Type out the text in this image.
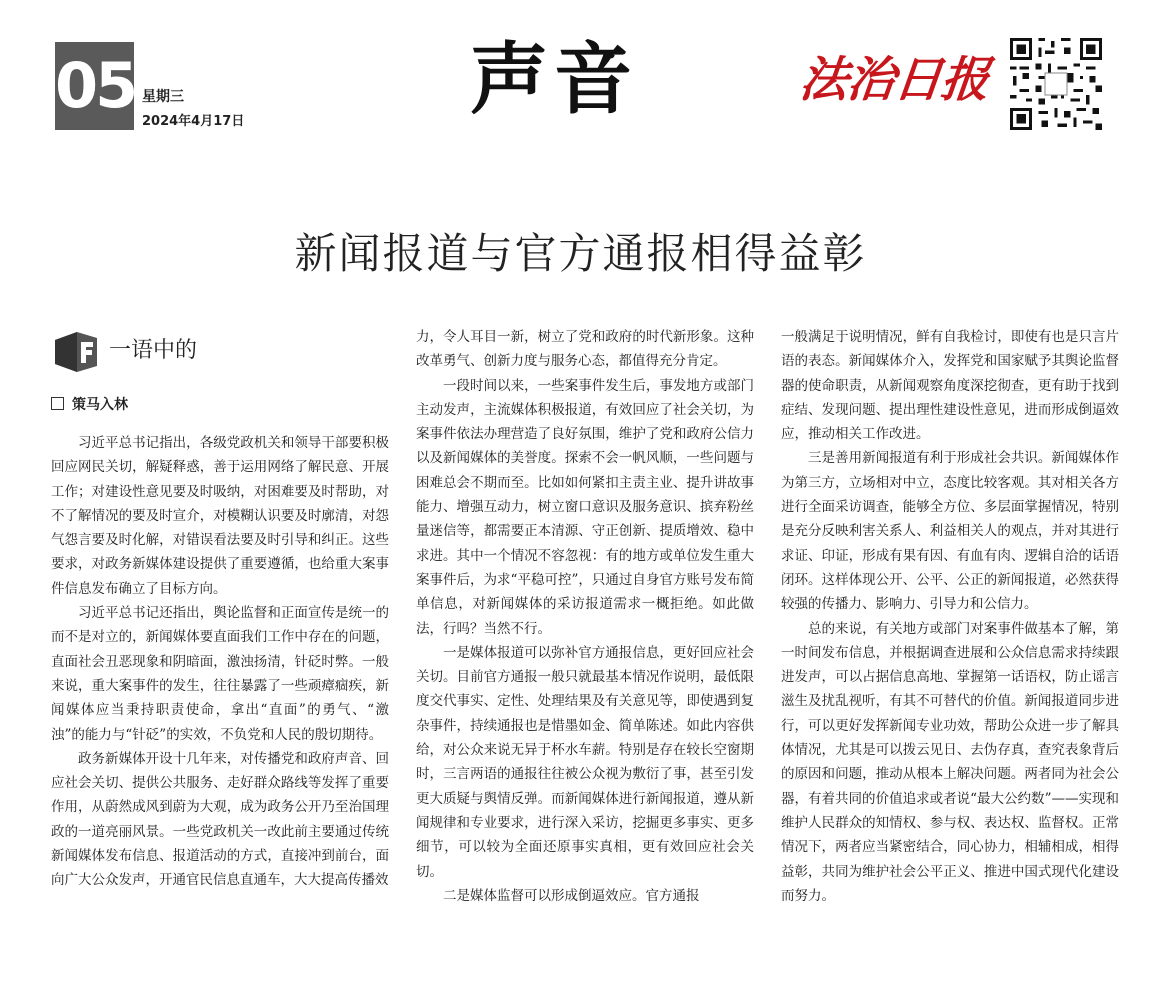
05 星期三
2024年4月17日	声音	法治日报
新闻报道与官方通报相得益彰
一语中的
策马入林

习近平总书记指出，各级党政机关和领导干部要积极回应网民关切，解疑释惑，善于运用网络了解民意、开展工作；对建设性意见要及时吸纳，对困难要及时帮助，对不了解情况的要及时宣介，对模糊认识要及时廓清，对怨气怨言要及时化解，对错误看法要及时引导和纠正。这些要求，对政务新媒体建设提供了重要遵循，也给重大案事件信息发布确立了目标方向。

习近平总书记还指出，舆论监督和正面宣传是统一的而不是对立的，新闻媒体要直面我们工作中存在的问题，直面社会丑恶现象和阴暗面，激浊扬清，针砭时弊。一般来说，重大案事件的发生，往往暴露了一些顽瘴痼疾，新闻媒体应当秉持职责使命，拿出“直面”的勇气、“激浊”的能力与“针砭”的实效，不负党和人民的殷切期待。

政务新媒体开设十几年来，对传播党和政府声音、回应社会关切、提供公共服务、走好群众路线等发挥了重要作用，从蔚然成风到蔚为大观，成为政务公开乃至治国理政的一道亮丽风景。一些党政机关一改此前主要通过传统新闻媒体发布信息、报道活动的方式，直接冲到前台，面向广大公众发声，开通官民信息直通车，大大提高传播效

力，令人耳目一新，树立了党和政府的时代新形象。这种改革勇气、创新力度与服务心态，都值得充分肯定。

一段时间以来，一些案事件发生后，事发地方或部门主动发声，主流媒体积极报道，有效回应了社会关切，为案事件依法办理营造了良好氛围，维护了党和政府公信力以及新闻媒体的美誉度。探索不会一帆风顺，一些问题与困难总会不期而至。比如如何紧扣主责主业、提升讲故事能力、增强互动力，树立窗口意识及服务意识、摈弃粉丝量迷信等，都需要正本清源、守正创新、提质增效、稳中求进。其中一个情况不容忽视：有的地方或单位发生重大案事件后，为求“平稳可控”，只通过自身官方账号发布简单信息，对新闻媒体的采访报道需求一概拒绝。如此做法，行吗？当然不行。

一是媒体报道可以弥补官方通报信息，更好回应社会关切。目前官方通报一般只就最基本情况作说明，最低限度交代事实、定性、处理结果及有关意见等，即使遇到复杂事件，持续通报也是惜墨如金、简单陈述。如此内容供给，对公众来说无异于杯水车薪。特别是存在较长空窗期时，三言两语的通报往往被公众视为敷衍了事，甚至引发更大质疑与舆情反弹。而新闻媒体进行新闻报道，遵从新闻规律和专业要求，进行深入采访，挖掘更多事实、更多细节，可以较为全面还原事实真相，更有效回应社会关切。

二是媒体监督可以形成倒逼效应。官方通报

一般满足于说明情况，鲜有自我检讨，即使有也是只言片语的表态。新闻媒体介入，发挥党和国家赋予其舆论监督器的使命职责，从新闻观察角度深挖彻查，更有助于找到症结、发现问题、提出理性建设性意见，进而形成倒逼效应，推动相关工作改进。

三是善用新闻报道有利于形成社会共识。新闻媒体作为第三方，立场相对中立，态度比较客观。其对相关各方进行全面采访调查，能够全方位、多层面掌握情况，特别是充分反映利害关系人、利益相关人的观点，并对其进行求证、印证，形成有果有因、有血有肉、逻辑自洽的话语闭环。这样体现公开、公平、公正的新闻报道，必然获得较强的传播力、影响力、引导力和公信力。

总的来说，有关地方或部门对案事件做基本了解，第一时间发布信息，并根据调查进展和公众信息需求持续跟进发声，可以占据信息高地、掌握第一话语权，防止谣言滋生及扰乱视听，有其不可替代的价值。新闻报道同步进行，可以更好发挥新闻专业功效，帮助公众进一步了解具体情况，尤其是可以拨云见日、去伪存真，查究表象背后的原因和问题，推动从根本上解决问题。两者同为社会公器，有着共同的价值追求或者说“最大公约数”——实现和维护人民群众的知情权、参与权、表达权、监督权。正常情况下，两者应当紧密结合，同心协力，相辅相成，相得益彰，共同为维护社会公平正义、推进中国式现代化建设而努力。
